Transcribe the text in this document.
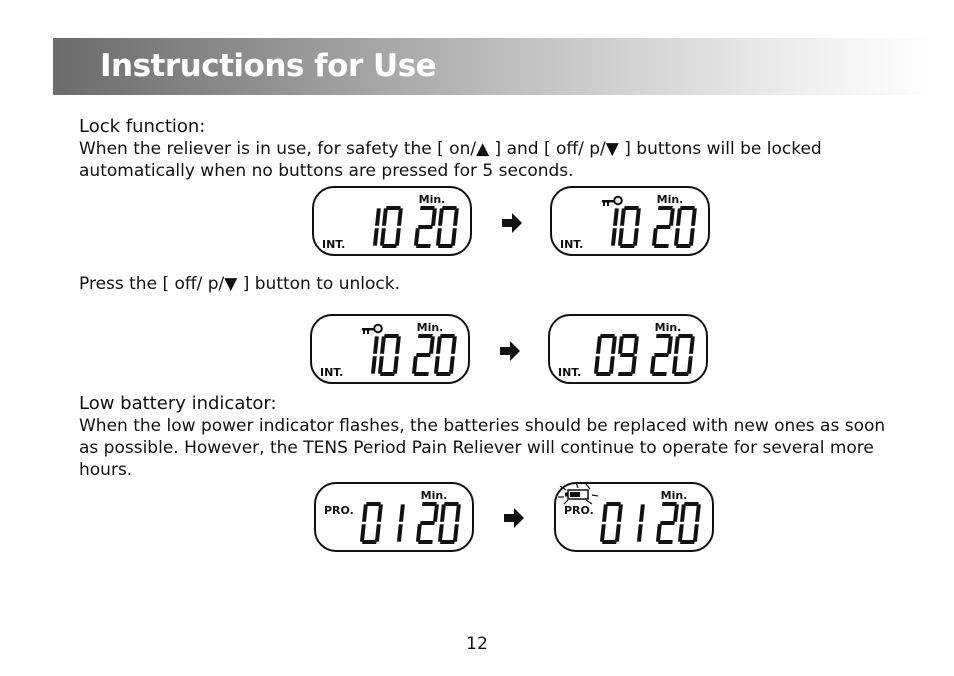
Instructions for Use
Lock function:
When the reliever is in use, for safety the [ on/▲ ] and [ off/ p/▼ ] buttons will be locked
automatically when no buttons are pressed for 5 seconds.
Min.
INT.
Min.
INT.
Press the [ off/ p/▼ ] button to unlock.
Min.
INT.
Min.
INT.
Low battery indicator:
When the low power indicator flashes, the batteries should be replaced with new ones as soon
as possible. However, the TENS Period Pain Reliever will continue to operate for several more hours.
Min.
PRO.
Min.
PRO.
12
